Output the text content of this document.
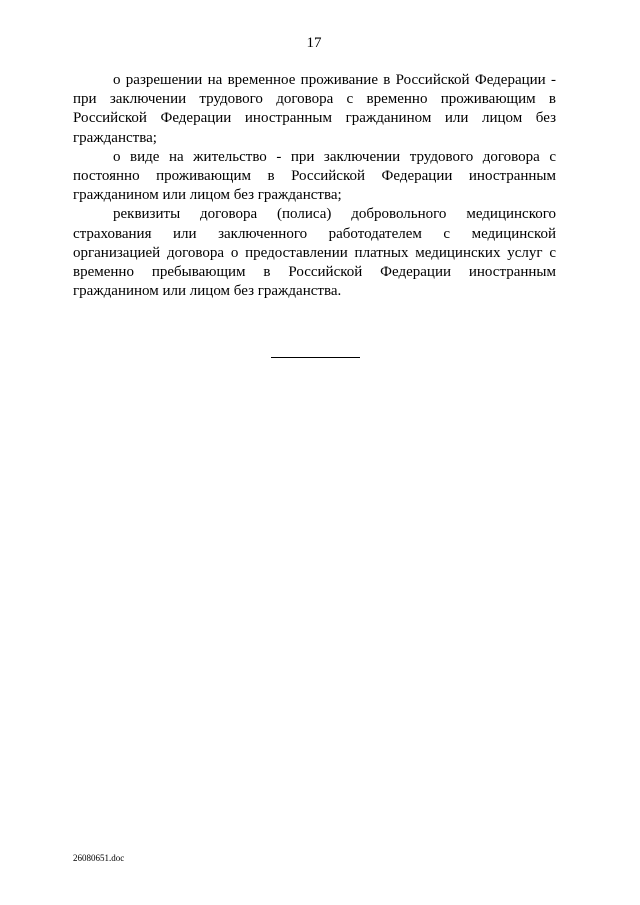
17

о разрешении на временное проживание в Российской Федерации - при заключении трудового договора с временно проживающим в Российской Федерации иностранным гражданином или лицом без гражданства;

о виде на жительство - при заключении трудового договора с постоянно проживающим в Российской Федерации иностранным гражданином или лицом без гражданства;

реквизиты договора (полиса) добровольного медицинского страхования или заключенного работодателем с медицинской организацией договора о предоставлении платных медицинских услуг с временно пребывающим в Российской Федерации иностранным гражданином или лицом без гражданства.

26080651.doc
